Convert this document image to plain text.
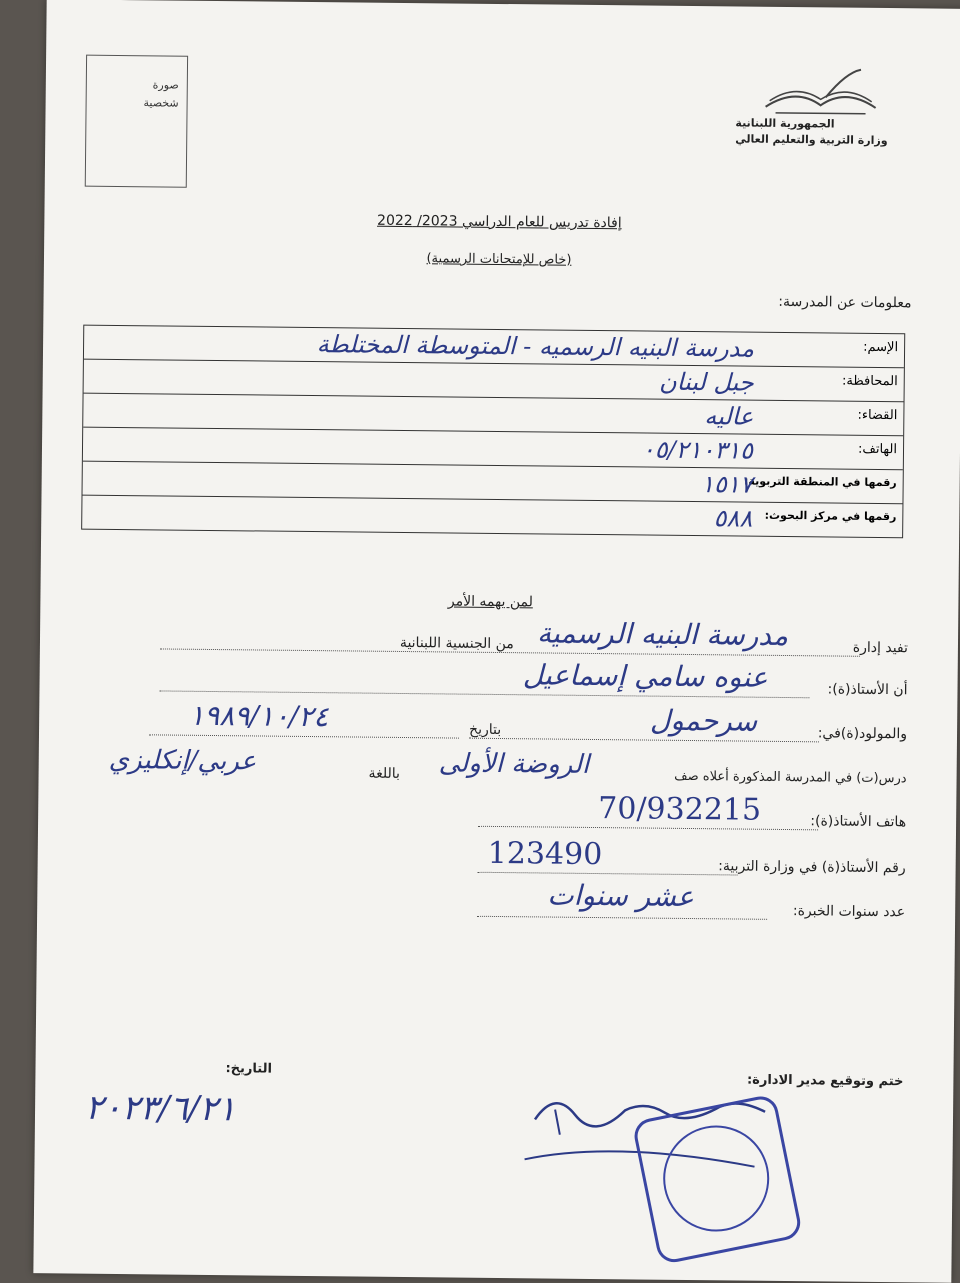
الجمهورية اللبنانية
وزارة التربية والتعليم العالي
صورة
شخصية
إفادة تدريس للعام الدراسي 2023/ 2022
(خاص للإمتحانات الرسمية)
معلومات عن المدرسة:
الإسم:
مدرسة البنيه الرسميه - المتوسطة المختلطة
المحافظة:
جبل لبنان
القضاء:
عاليه
الهاتف:
٠٥/٢١٠٣١٥
رقمها في المنطقة التربوية:
١٥١٧
رقمها في مركز البحوث:
٥٨٨
لمن يهمه الأمر
تفيد إدارة
مدرسة البنيه الرسمية
من الجنسية اللبنانية
أن الأستاذ(ة):
عنوه سامي إسماعيل
والمولود(ة)في:
سرحمول
بتاريخ
١٩٨٩/١٠/٢٤
درس(ت) في المدرسة المذكورة أعلاه صف
الروضة الأولى
باللغة
عربي/إنكليزي
هاتف الأستاذ(ة):
70/932215
رقم الأستاذ(ة) في وزارة التربية:
123490
عدد سنوات الخبرة:
عشر سنوات
ختم وتوقيع مدير الادارة:
التاريخ:
٢٠٢٣/٦/٢١
